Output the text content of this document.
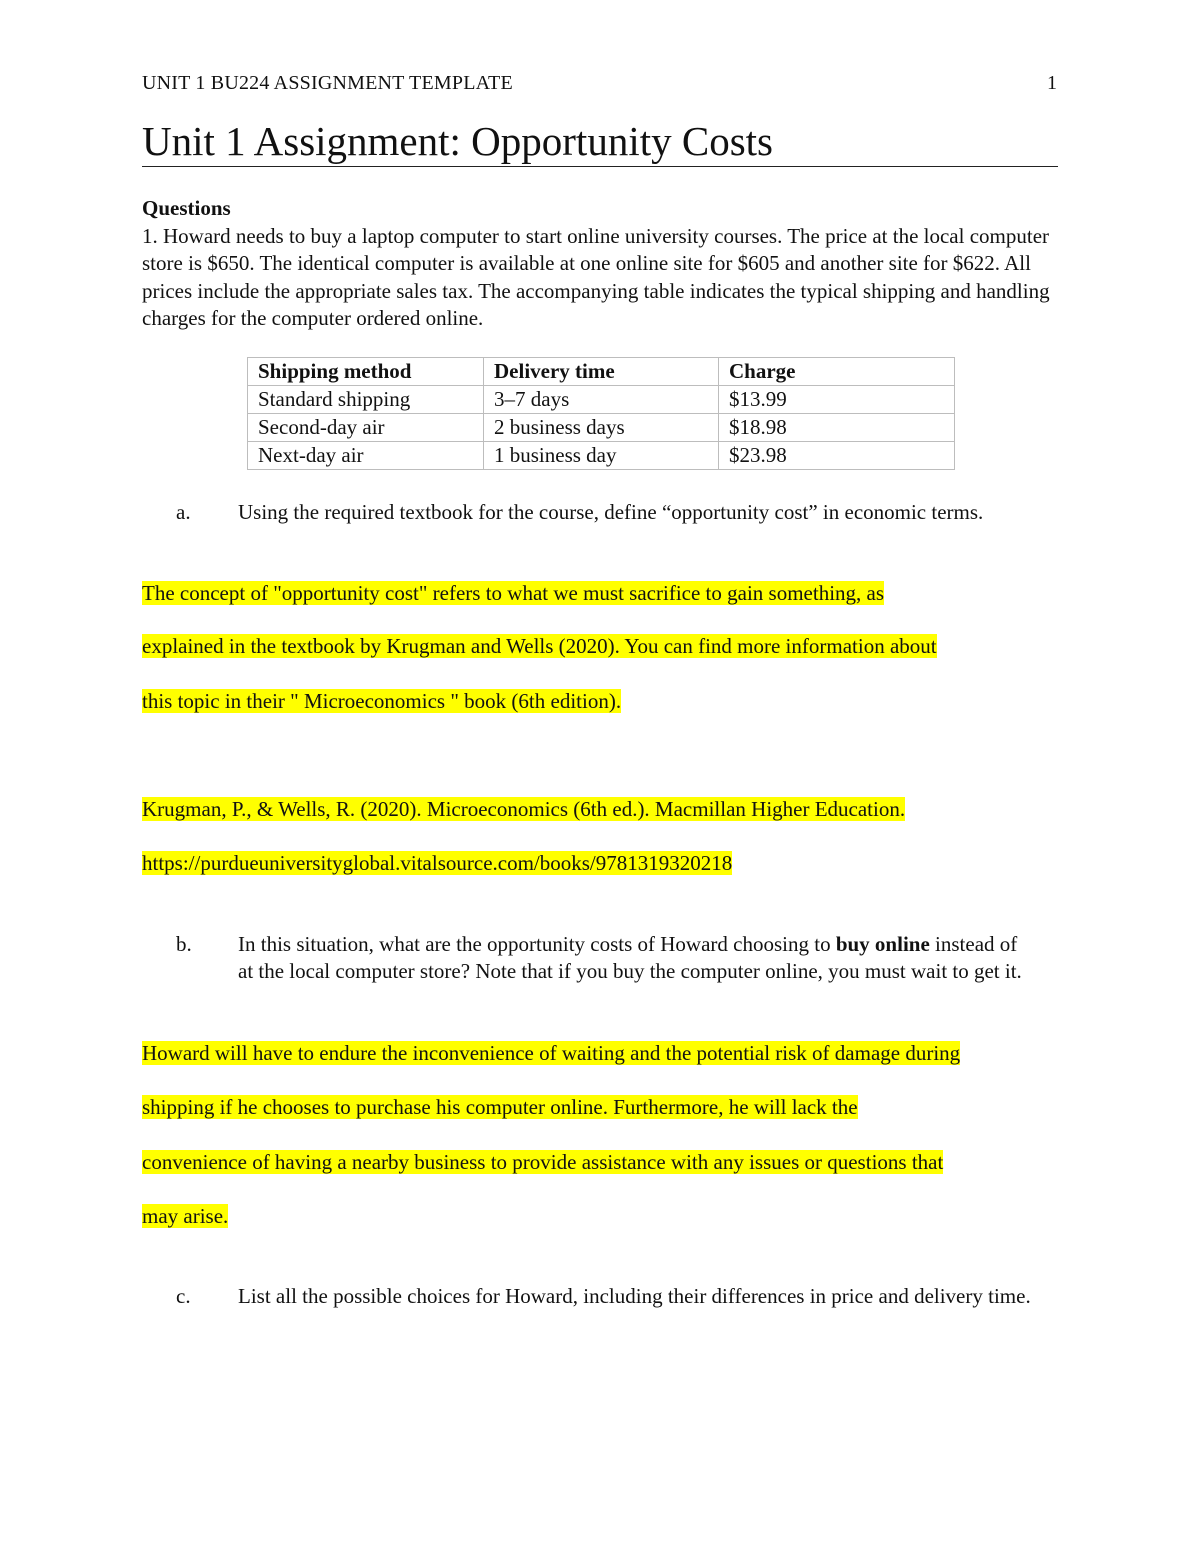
UNIT 1 BU224 ASSIGNMENT TEMPLATE	1
Unit 1 Assignment: Opportunity Costs
Questions
1. Howard needs to buy a laptop computer to start online university courses. The price at the local computer store is $650. The identical computer is available at one online site for $605 and another site for $622. All prices include the appropriate sales tax. The accompanying table indicates the typical shipping and handling charges for the computer ordered online.
Shipping method	Delivery time	Charge
Standard shipping	3–7 days	$13.99
Second-day air	2 business days	$18.98
Next-day air	1 business day	$23.98
a. Using the required textbook for the course, define “opportunity cost” in economic terms.
The concept of "opportunity cost" refers to what we must sacrifice to gain something, as
explained in the textbook by Krugman and Wells (2020). You can find more information about
this topic in their " Microeconomics " book (6th edition).
Krugman, P., & Wells, R. (2020). Microeconomics (6th ed.). Macmillan Higher Education.
https://purdueuniversityglobal.vitalsource.com/books/9781319320218
b. In this situation, what are the opportunity costs of Howard choosing to buy online instead of at the local computer store? Note that if you buy the computer online, you must wait to get it.
Howard will have to endure the inconvenience of waiting and the potential risk of damage during
shipping if he chooses to purchase his computer online. Furthermore, he will lack the
convenience of having a nearby business to provide assistance with any issues or questions that
may arise.
c. List all the possible choices for Howard, including their differences in price and delivery time.
